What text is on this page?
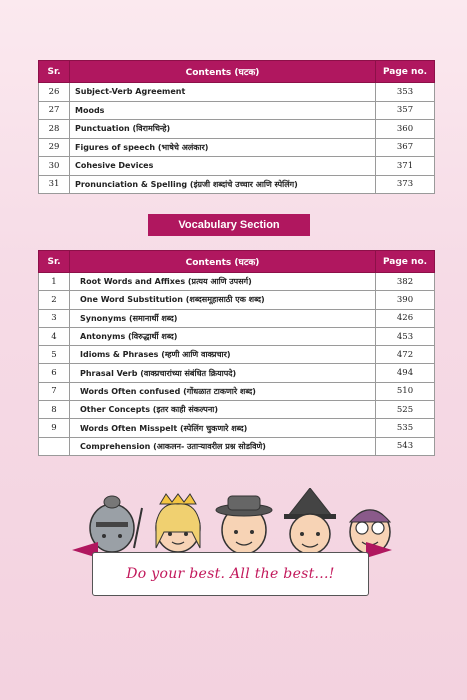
Sr.	Contents (घटक)	Page no.
26	Subject-Verb Agreement	353
27	Moods	357
28	Punctuation (विरामचिन्हे)	360
29	Figures of speech (भाषेचे अलंकार)	367
30	Cohesive Devices	371
31	Pronunciation & Spelling (इंग्रजी शब्दांचे उच्चार आणि स्पेलिंग)	373
Vocabulary Section
Sr.	Contents (घटक)	Page no.
1	Root Words and Affixes (प्रत्यय आणि उपसर्ग)	382
2	One Word Substitution (शब्दसमूहासाठी एक शब्द)	390
3	Synonyms (समानार्थी शब्द)	426
4	Antonyms (विरुद्धार्थी शब्द)	453
5	Idioms & Phrases (म्हणी आणि वाक्प्रचार)	472
6	Phrasal Verb (वाक्प्रचारांच्या संबंधित क्रियापदे)	494
7	Words Often confused (गोंधळात टाकणारे शब्द)	510
8	Other Concepts (इतर काही संकल्पना)	525
9	Words Often Misspelt (स्पेलिंग चुकणारे शब्द)	535
	Comprehension (आकलन- उताऱ्यावरील प्रश्न सोडविणे)	543
Do your best. All the best...!
